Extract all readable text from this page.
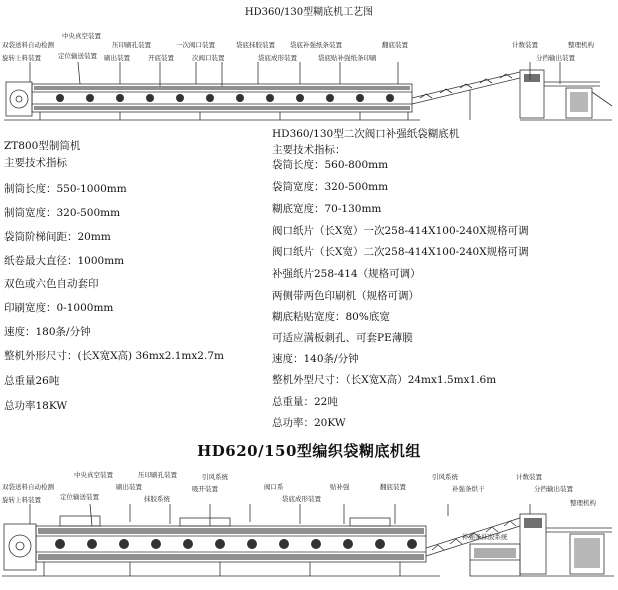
HD360/130型糊底机工艺图
双袋送料自动检测
旋转上料装置
中央真空装置
定位输送装置
压印刷孔装置
刷出装置	开底装置
一次阀口装置
次阀口装置
袋底抹胶装置 袋底补强纸条装置
袋底成形装置	袋底贴补强纸条印刷
翻底装置	计数装置	整理机构
分挡输出装置
ZT800型制筒机
主要技术指标
制筒长度：550-1000mm
制筒宽度：320-500mm
袋筒阶梯间距：20mm
纸卷最大直径：1000mm
双色或六色自动套印
印刷宽度：0-1000mm
速度：180条/分钟
整机外形尺寸：(长X宽X高) 36mx2.1mx2.7m
总重量26吨
总功率18KW
HD360/130型二次阀口补强纸袋糊底机
主要技术指标：
袋筒长度：560-800mm
袋筒宽度：320-500mm
糊底宽度：70-130mm
阀口纸片（长X宽）一次258-414X100-240X规格可调
阀口纸片（长X宽）二次258-414X100-240X规格可调
补强纸片258-414（规格可调）
两侧带两色印刷机（规格可调）
糊底粘贴宽度：80%底宽
可适应满板刺孔、可套PE薄膜
速度：140条/分钟
整机外型尺寸：（长X宽X高）24mx1.5mx1.6m
总重量：22吨
总功率：20KW
HD620/150型编织袋糊底机组
双袋送料自动检测
旋转上料装置
中央真空装置
定位输送装置
刷出装置
压印刷孔装置
抹胶系统
引风系统
吸开装置	阀口系	贴补强
袋底成形装置
翻底装置
引风系统
补强条烘干
计数装置
分挡输出装置
整理机构
补强条抹胶系统
